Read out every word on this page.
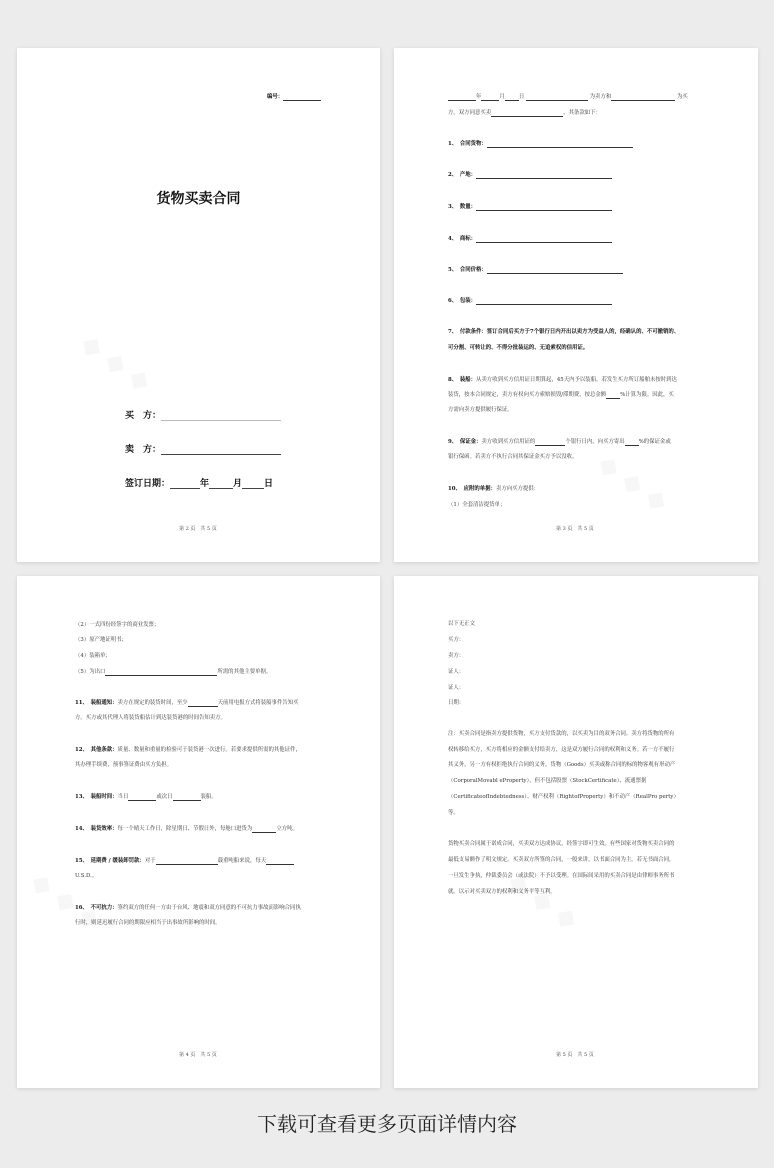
编号：
货物买卖合同
买　方：
卖　方：
签订日期：	年	月 日
第 2 页　共 5 页
年	月	日	为卖方和	为买
方。双方同意买卖	，其条款如下：
1、　合同货物：
2、　产地：
3、　数量：
4、　商标：
5、　合同价格：
6、　包装：
7、　付款条件：签订合同后买方于7个银行日内开出以卖方为受益人的，经确认的、不可撤销的、
可分割、可转让的、不得分批装运的、无追索权的信用证。
8、　装船：从卖方收到买方信用证日期算起，45天内予以装船。若发生买方所订船舶未按时到达
装货，按本合同规定，卖方有权向买方索赔损毁/滞期费，按总金额	%计算为限。因此，买
方需向卖方提供履行保证。
9、　保证金：卖方收到买方信用证的	个银行日内，向买方寄出	%的保证金或
银行保函。若卖方不执行合同其保证金买方予以没收。
10、　应附的单据：卖方向买方提供：
（1）全套清洁提货单；
第 3 页　共 5 页
（2）一式四份经签字的商业发票；
（3）原产地证明书；
（4）装箱单；
（5）为出口	所需的其他主要单据。
11、　装船通知：卖方在规定的装货时间，至少	天前用电报方式将装船事件告知买
方。买方或其代理人将装货船估计到达装货港的时间告知卖方。
12、　其他条款：质量、数量和重量的检验可于装货港一次进行。若要求提供所需的其他证件，
其办理手续费，预事签证费由买方负担。
13、　装船时间：当日	或次日	装船。
14、　装货效率：每一个晴天工作日，除星期日、节假日外，每舱口进货为	立方吨。
15、　延期费 / 缓装卸罚款：对于	载重吨船来说，每天
U.S.D.。
16、　不可抗力：签约双方的任何一方由于台风、地震和双方同意的不可抗力事故而影响合同执
行时，则延迟履行合同的期限应相当于出事故所影响的时间。
第 4 页　共 5 页
以下无正文
买方：
卖方：
证人：
证人：
日期：
注：买卖合同是指卖方提供货物，买方支付货款的，以买卖为目的双务合同。卖方将货物的所有
权转移给买方，买方将相应的金额支付给卖方，这是双方履行合同的权利和义务。若一方不履行
其义务，另一方有权拒绝执行合同的义务。货物（Goods）买卖或称合同的标的物客观有形动产
（CorporalMovabl eProperty），但不包括股票（StockCertificate）、流通票据
（CertificateofIndebtedness）、财产权利（RightofProperty）和不动产（RealPro perty）
等。
货物买卖合同属于诺成合同，买卖双方达成协议，经签字即可生效。有些国家对货物买卖合同的
最低支易额作了明文规定。买卖双方所签的合同，一般来讲，以书面合同为主。若无书面合同，
一旦发生争执，仲裁委员会（或法院）不予以受理。在国际间采用的买卖合同是由律师事务所书
就。以示对买卖双方的权利和义务平等互利。
第 5 页　共 5 页
下载可查看更多页面详情内容
